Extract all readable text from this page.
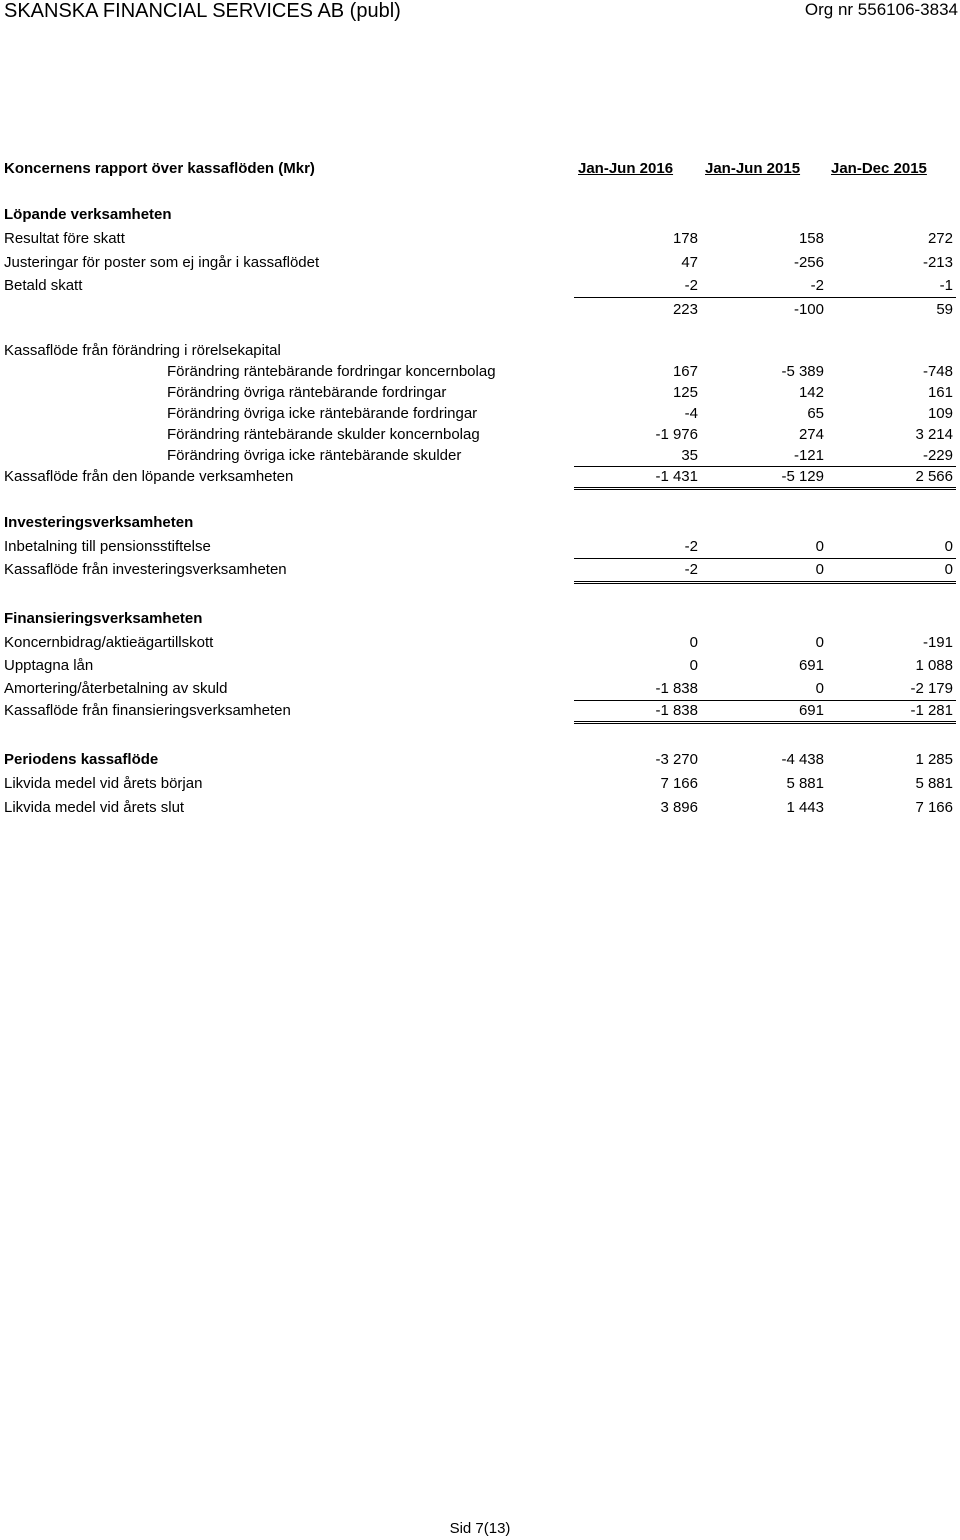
SKANSKA FINANCIAL SERVICES AB (publ)	Org nr 556106-3834
Koncernens rapport över kassaflöden (Mkr)	Jan-Jun 2016 Jan-Jun 2015 Jan-Dec 2015
Löpande verksamheten
Resultat före skatt	178	158	272
Justeringar för poster som ej ingår i kassaflödet	47	-256	-213
Betald skatt	-2	-2	-1
223	-100	59
Kassaflöde från förändring i rörelsekapital
Förändring räntebärande fordringar koncernbolag	167	-5 389	-748
Förändring övriga räntebärande fordringar	125	142	161
Förändring övriga icke räntebärande fordringar	-4	65	109
Förändring räntebärande skulder koncernbolag	-1 976	274	3 214
Förändring övriga icke räntebärande skulder	35	-121	-229
Kassaflöde från den löpande verksamheten	-1 431	-5 129	2 566
Investeringsverksamheten
Inbetalning till pensionsstiftelse	-2	0	0
Kassaflöde från investeringsverksamheten	-2	0	0
Finansieringsverksamheten
Koncernbidrag/aktieägartillskott	0	0	-191
Upptagna lån	0	691	1 088
Amortering/återbetalning av skuld	-1 838	0	-2 179
Kassaflöde från finansieringsverksamheten	-1 838	691	-1 281
Periodens kassaflöde	-3 270	-4 438	1 285
Likvida medel vid årets början	7 166	5 881	5 881
Likvida medel vid årets slut	3 896	1 443	7 166
Sid 7(13)
